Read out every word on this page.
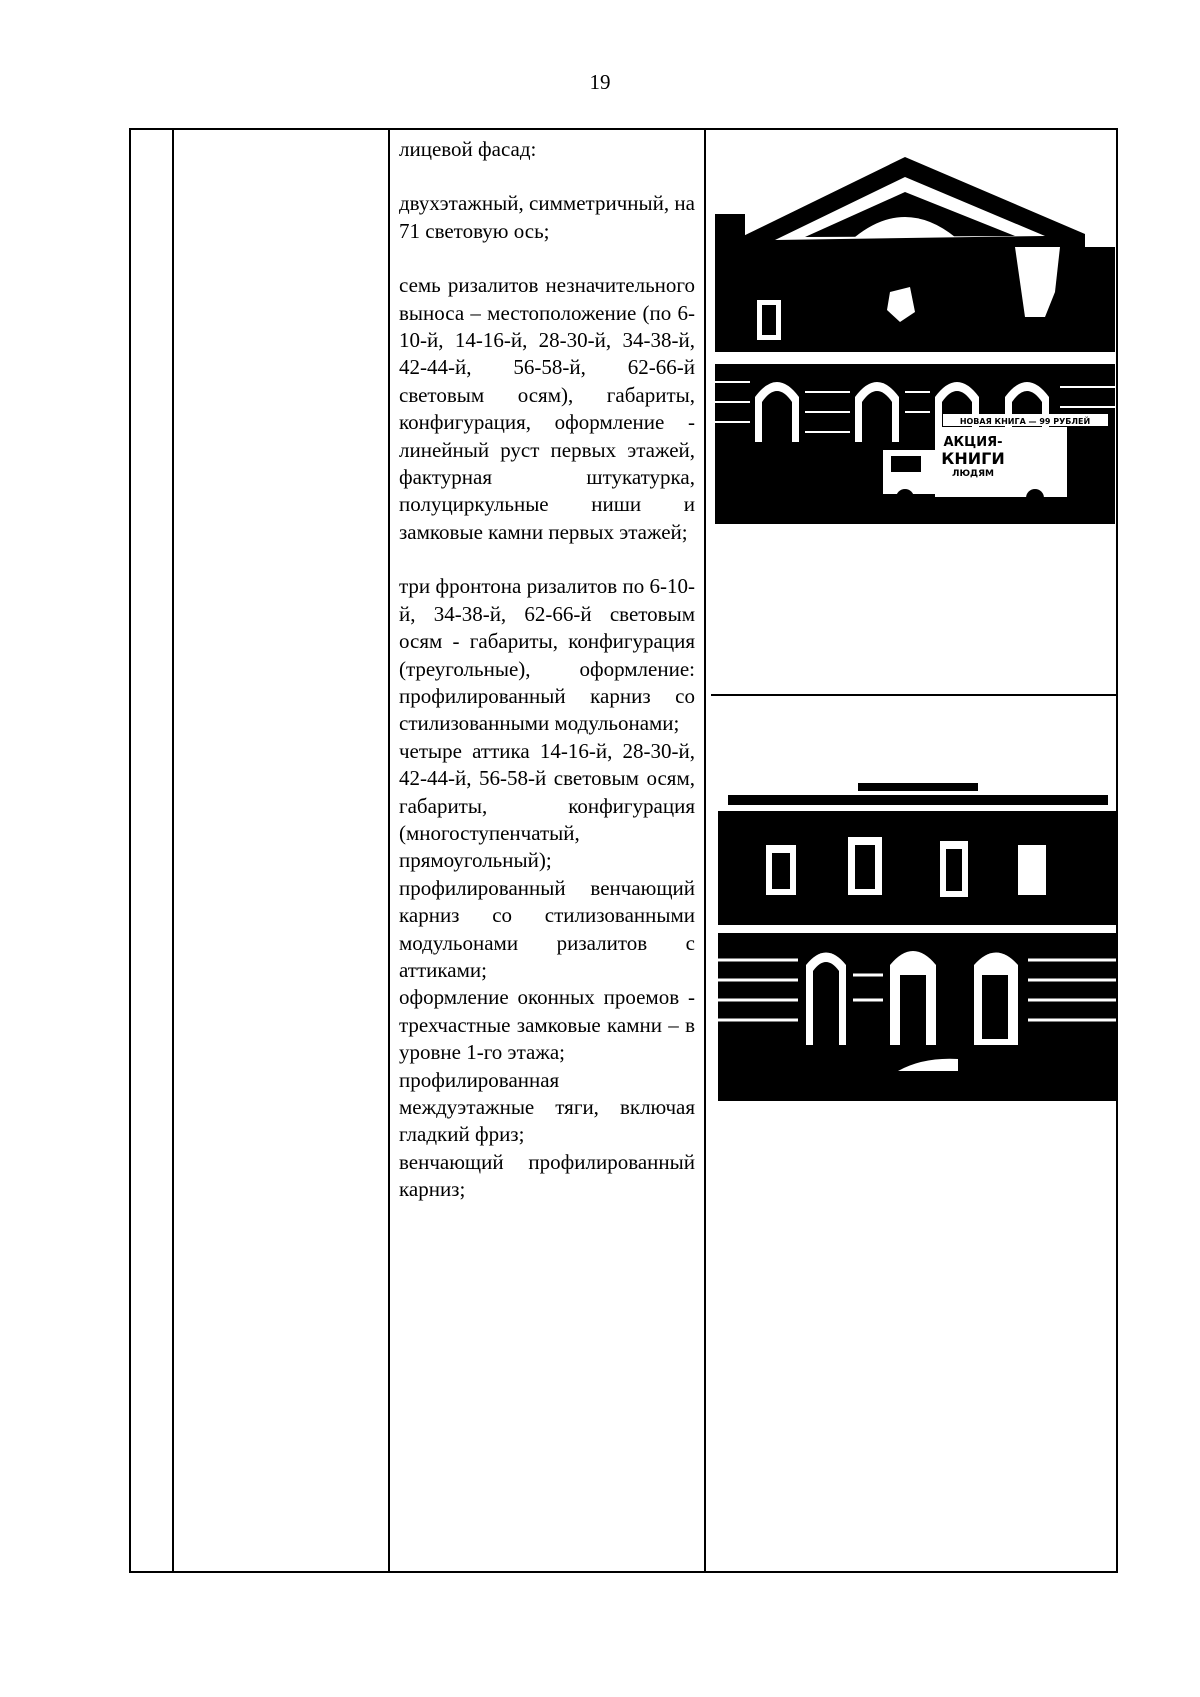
19

лицевой фасад:

двухэтажный, симметричный, на 71 световую ось;

семь ризалитов незначительного выноса – местоположение (по 6-10-й, 14-16-й, 28-30-й, 34-38-й, 42-44-й, 56-58-й, 62-66-й световым осям), габариты, конфигурация, оформление - линейный руст первых этажей, фактурная штукатурка, полуциркульные ниши и замковые камни первых этажей;

три фронтона ризалитов по 6-10-й, 34-38-й, 62-66-й световым осям - габариты, конфигурация (треугольные), оформление: профилированный карниз со стилизованными модульонами;

четыре аттика 14-16-й, 28-30-й, 42-44-й, 56-58-й световым осям, габариты, конфигурация (многоступенчатый, прямоугольный);

профилированный венчающий карниз со стилизованными модульонами ризалитов с аттиками;

оформление оконных проемов - трехчастные замковые камни – в уровне 1-го этажа;

профилированная междуэтажные тяги, включая гладкий фриз;

венчающий профилированный карниз;

НОВАЯ КНИГА — 99 РУБЛЕЙ
АКЦИЯ-
КНИГИ
ЛЮДЯМ
